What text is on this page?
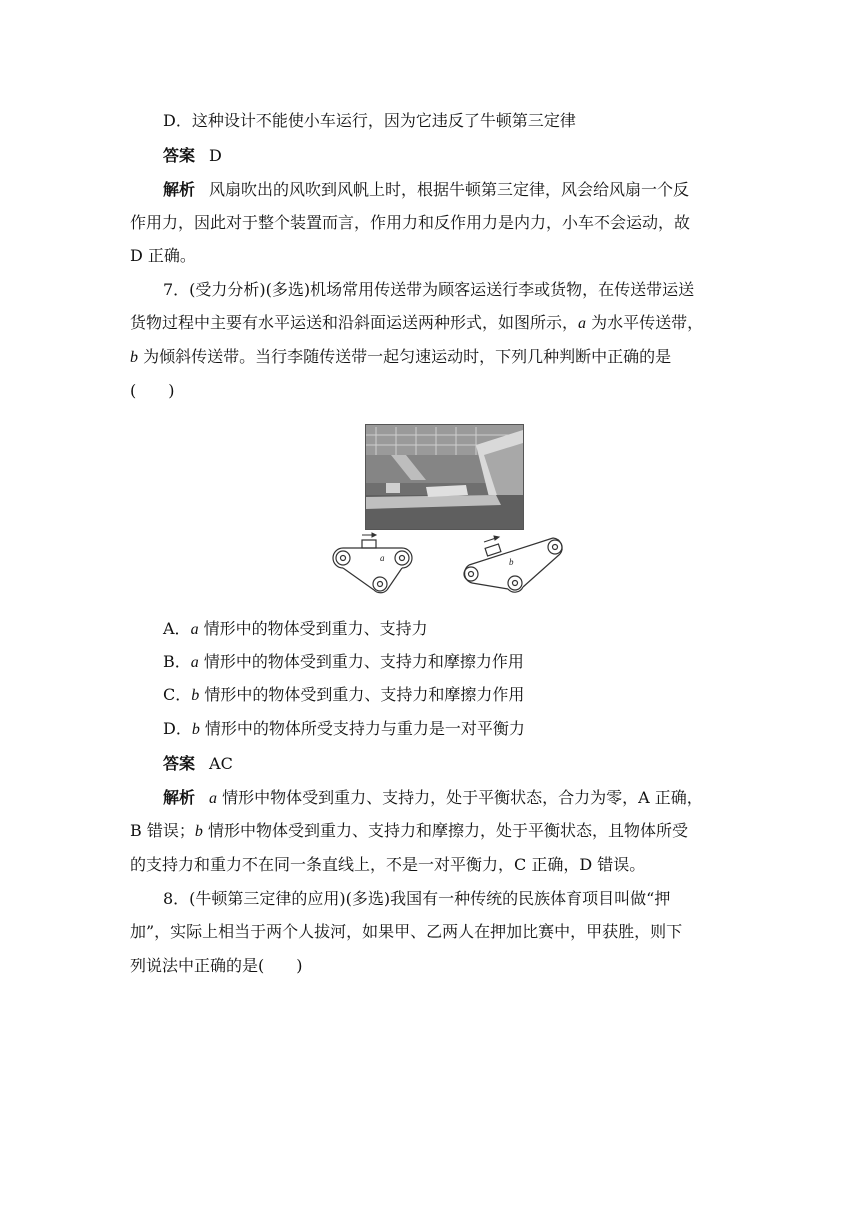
D．这种设计不能使小车运行，因为它违反了牛顿第三定律
答案 D
解析 风扇吹出的风吹到风帆上时，根据牛顿第三定律，风会给风扇一个反
作用力，因此对于整个装置而言，作用力和反作用力是内力，小车不会运动，故
D 正确。
7．(受力分析)(多选)机场常用传送带为顾客运送行李或货物，在传送带运送
货物过程中主要有水平运送和沿斜面运送两种形式，如图所示，a 为水平传送带，
b 为倾斜传送带。当行李随传送带一起匀速运动时，下列几种判断中正确的是
(　　)
a	b
A．a 情形中的物体受到重力、支持力
B．a 情形中的物体受到重力、支持力和摩擦力作用
C．b 情形中的物体受到重力、支持力和摩擦力作用
D．b 情形中的物体所受支持力与重力是一对平衡力
答案 AC
解析 a 情形中物体受到重力、支持力，处于平衡状态，合力为零，A 正确，
B 错误；b 情形中物体受到重力、支持力和摩擦力，处于平衡状态，且物体所受
的支持力和重力不在同一条直线上，不是一对平衡力，C 正确，D 错误。
8．(牛顿第三定律的应用)(多选)我国有一种传统的民族体育项目叫做“押
加”，实际上相当于两个人拔河，如果甲、乙两人在押加比赛中，甲获胜，则下
列说法中正确的是(　　)
